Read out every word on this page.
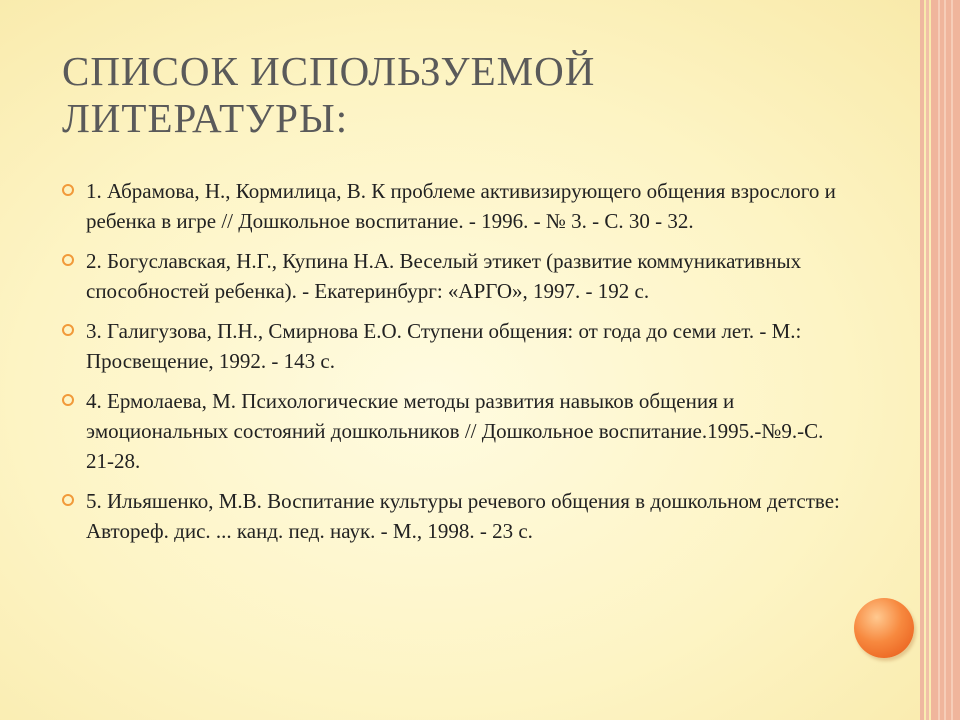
СПИСОК ИСПОЛЬЗУЕМОЙ ЛИТЕРАТУРЫ:
1. Абрамова, Н., Кормилица, В. К проблеме активизирующего общения взрослого и ребенка в игре // Дошкольное воспитание. - 1996. - № 3. - С. 30 - 32.
2. Богуславская, Н.Г., Купина Н.А. Веселый этикет (развитие коммуникативных способностей ребенка). - Екатеринбург: «АРГО», 1997. - 192 с.
3. Галигузова, П.Н., Смирнова Е.О. Ступени общения: от года до семи лет. - М.: Просвещение, 1992. - 143 с.
4. Ермолаева, М. Психологические методы развития навыков общения и эмоциональных состояний дошкольников // Дошкольное воспитание.1995.-№9.-С. 21-28.
5. Ильяшенко, М.В. Воспитание культуры речевого общения в дошкольном детстве: Автореф. дис. ... канд. пед. наук. - М., 1998. - 23 с.
